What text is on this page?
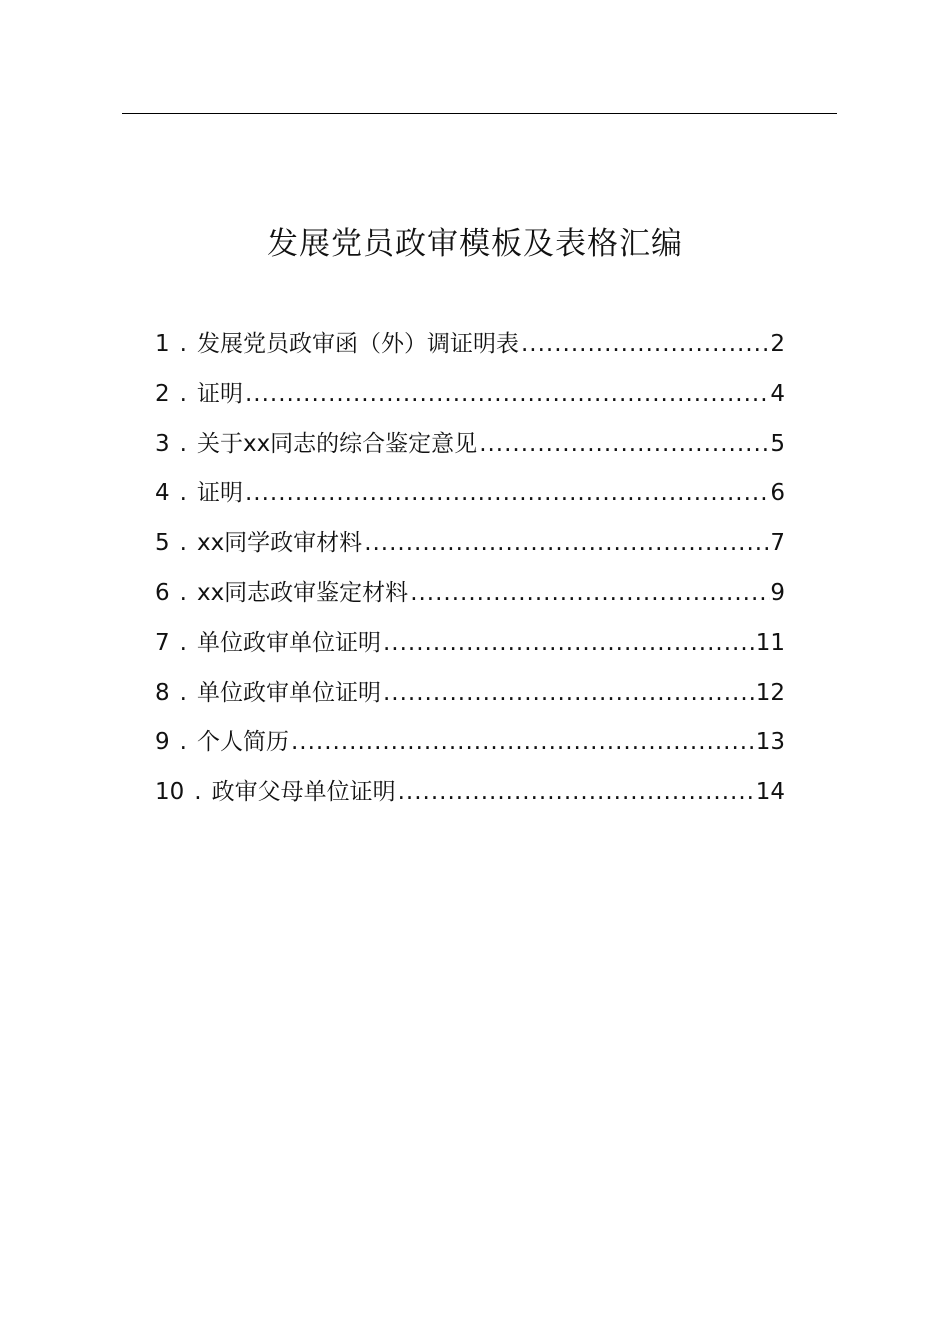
发展党员政审模板及表格汇编
1 . 发展党员政审函（外）调证明表 .....	2
2 . 证明 .....	4
3 . 关于xx同志的综合鉴定意见 .....	5
4 . 证明 .....	6
5 . xx同学政审材料 .....	7
6 . xx同志政审鉴定材料 .....	9
7 . 单位政审单位证明 .....	11
8 . 单位政审单位证明 .....	12
9 . 个人简历 .....	13
10 . 政审父母单位证明 .....	14
